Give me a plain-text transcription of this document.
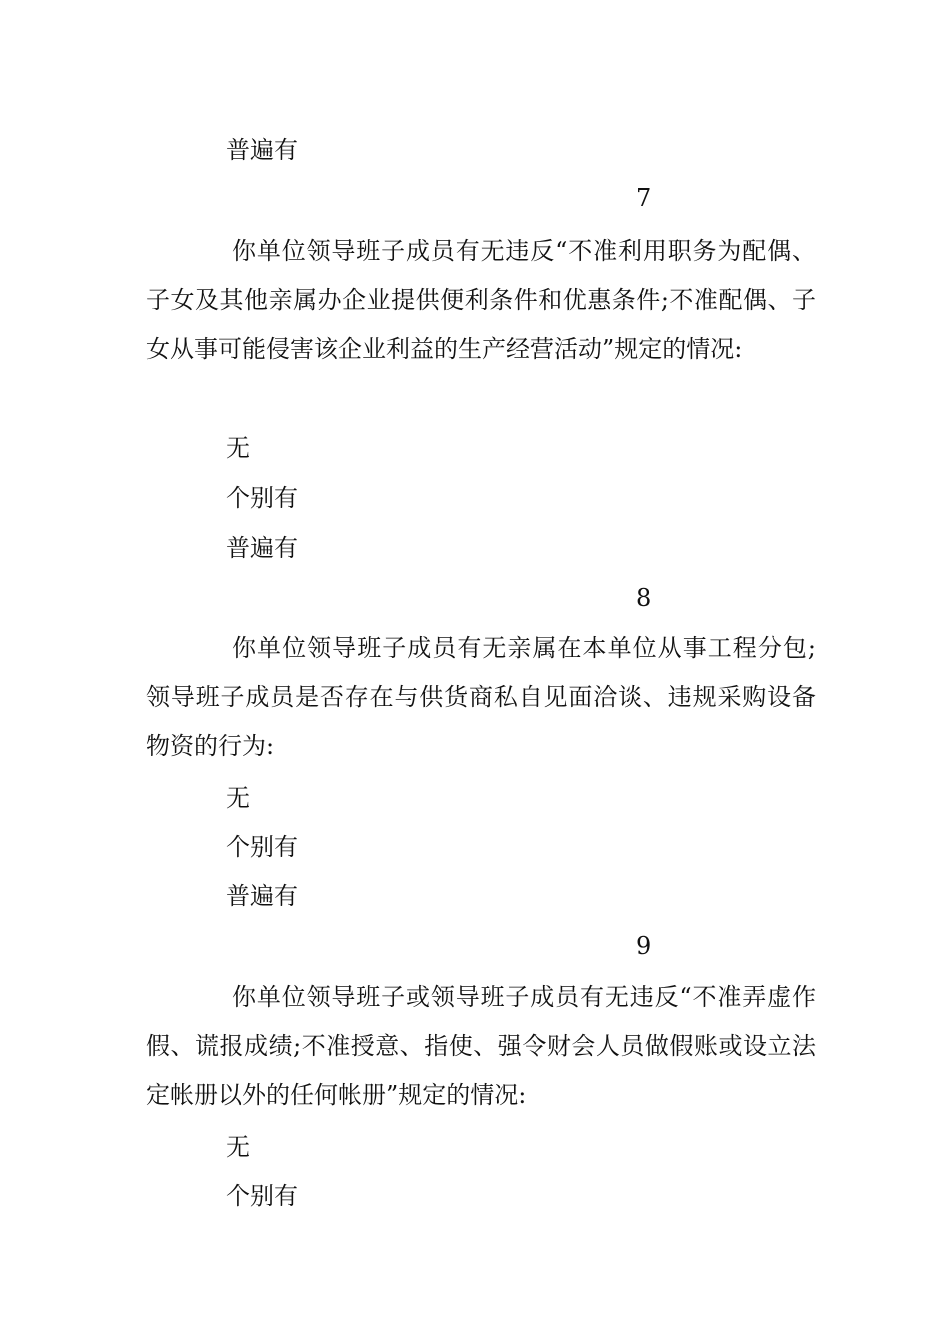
普遍有
7
你单位领导班子成员有无违反“不准利用职务为配偶、子女及其他亲属办企业提供便利条件和优惠条件;不准配偶、子女从事可能侵害该企业利益的生产经营活动”规定的情况:
无
个别有
普遍有
8
你单位领导班子成员有无亲属在本单位从事工程分包;领导班子成员是否存在与供货商私自见面洽谈、违规采购设备物资的行为:
无
个别有
普遍有
9
你单位领导班子或领导班子成员有无违反“不准弄虚作假、谎报成绩;不准授意、指使、强令财会人员做假账或设立法定帐册以外的任何帐册”规定的情况:
无
个别有
